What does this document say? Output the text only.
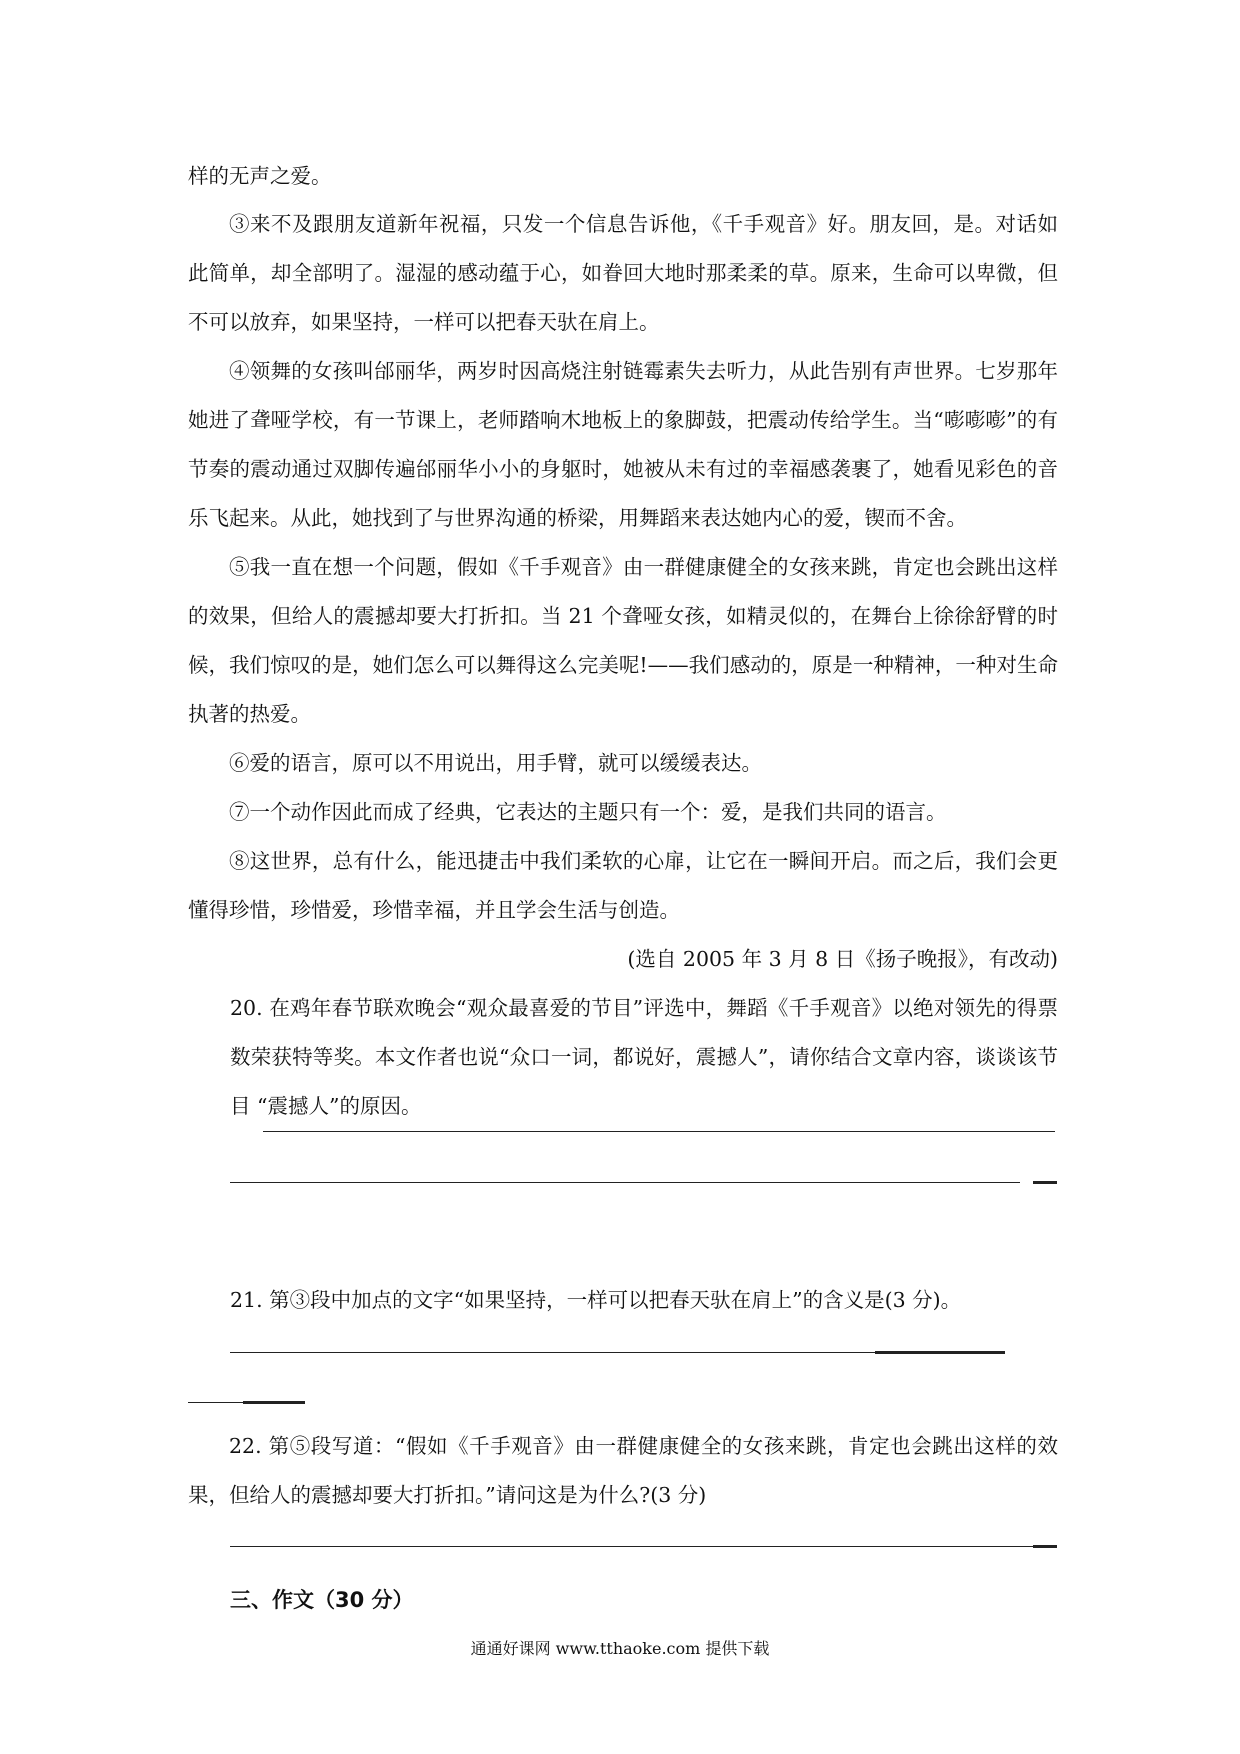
样的无声之爱。

③来不及跟朋友道新年祝福，只发一个信息告诉他，《千手观音》好。朋友回，是。对话如此简单，却全部明了。湿湿的感动蕴于心，如眷回大地时那柔柔的草。原来，生命可以卑微，但不可以放弃，如果坚持，一样可以把春天驮在肩上。

④领舞的女孩叫邰丽华，两岁时因高烧注射链霉素失去听力，从此告别有声世界。七岁那年她进了聋哑学校，有一节课上，老师踏响木地板上的象脚鼓，把震动传给学生。当“嘭嘭嘭”的有节奏的震动通过双脚传遍邰丽华小小的身躯时，她被从未有过的幸福感袭裹了，她看见彩色的音乐飞起来。从此，她找到了与世界沟通的桥梁，用舞蹈来表达她内心的爱，锲而不舍。

⑤我一直在想一个问题，假如《千手观音》由一群健康健全的女孩来跳，肯定也会跳出这样的效果，但给人的震撼却要大打折扣。当 21 个聋哑女孩，如精灵似的，在舞台上徐徐舒臂的时候，我们惊叹的是，她们怎么可以舞得这么完美呢!——我们感动的，原是一种精神，一种对生命执著的热爱。

⑥爱的语言，原可以不用说出，用手臂，就可以缓缓表达。

⑦一个动作因此而成了经典，它表达的主题只有一个：爱，是我们共同的语言。

⑧这世界，总有什么，能迅捷击中我们柔软的心扉，让它在一瞬间开启。而之后，我们会更懂得珍惜，珍惜爱，珍惜幸福，并且学会生活与创造。

(选自 2005 年 3 月 8 日《扬子晚报》，有改动)

20. 在鸡年春节联欢晚会“观众最喜爱的节目”评选中，舞蹈《千手观音》以绝对领先的得票数荣获特等奖。本文作者也说“众口一词，都说好，震撼人”，请你结合文章内容，谈谈该节目 “震撼人”的原因。

21. 第③段中加点的文字“如果坚持，一样可以把春天驮在肩上”的含义是(3 分)。

22. 第⑤段写道：“假如《千手观音》由一群健康健全的女孩来跳，肯定也会跳出这样的效果，但给人的震撼却要大打折扣。”请问这是为什么?(3 分)

三、作文（30 分）

通通好课网 www.tthaoke.com 提供下载
